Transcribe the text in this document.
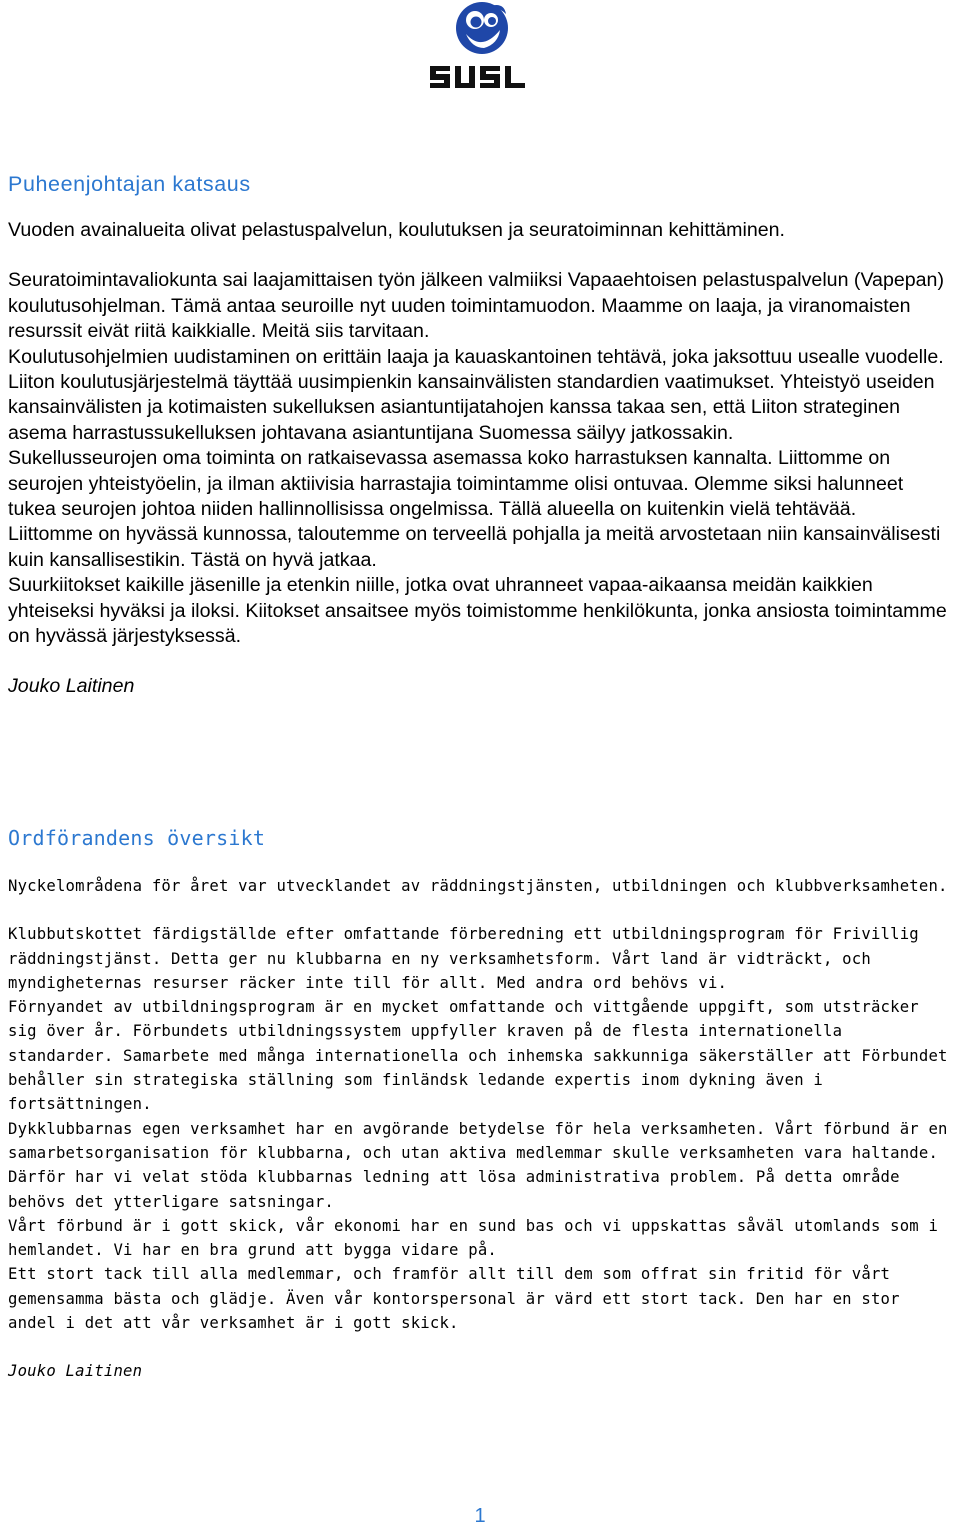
Puheenjohtajan katsaus

Vuoden avainalueita olivat pelastuspalvelun, koulutuksen ja seuratoiminnan kehittäminen.

Seuratoimintavaliokunta sai laajamittaisen työn jälkeen valmiiksi Vapaaehtoisen pelastuspalvelun (Vapepan) koulutusohjelman. Tämä antaa seuroille nyt uuden toimintamuodon. Maamme on laaja, ja viranomaisten resurssit eivät riitä kaikkialle. Meitä siis tarvitaan.

Koulutusohjelmien uudistaminen on erittäin laaja ja kauaskantoinen tehtävä, joka jaksottuu usealle vuodelle. Liiton koulutusjärjestelmä täyttää uusimpienkin kansainvälisten standardien vaatimukset. Yhteistyö useiden kansainvälisten ja kotimaisten sukelluksen asiantuntijatahojen kanssa takaa sen, että Liiton strateginen asema harrastussukelluksen johtavana asiantuntijana Suomessa säilyy jatkossakin.

Sukellusseurojen oma toiminta on ratkaisevassa asemassa koko harrastuksen kannalta. Liittomme on seurojen yhteistyöelin, ja ilman aktiivisia harrastajia toimintamme olisi ontuvaa. Olemme siksi halunneet tukea seurojen johtoa niiden hallinnollisissa ongelmissa. Tällä alueella on kuitenkin vielä tehtävää.

Liittomme on hyvässä kunnossa, taloutemme on terveellä pohjalla ja meitä arvostetaan niin kansainvälisesti kuin kansallisestikin. Tästä on hyvä jatkaa.

Suurkiitokset kaikille jäsenille ja etenkin niille, jotka ovat uhranneet vapaa-aikaansa meidän kaikkien yhteiseksi hyväksi ja iloksi. Kiitokset ansaitsee myös toimistomme henkilökunta, jonka ansiosta toimintamme on hyvässä järjestyksessä.

Jouko Laitinen

Ordförandens översikt

Nyckelområdena för året var utvecklandet av räddningstjänsten, utbildningen och klubbverksamheten.

Klubbutskottet färdigställde efter omfattande förberedning ett utbildningsprogram för Frivillig räddningstjänst. Detta ger nu klubbarna en ny verksamhetsform. Vårt land är vidträckt, och myndigheternas resurser räcker inte till för allt. Med andra ord behövs vi.

Förnyandet av utbildningsprogram är en mycket omfattande och vittgående uppgift, som utsträcker sig över år. Förbundets utbildningssystem uppfyller kraven på de flesta internationella standarder. Samarbete med många internationella och inhemska sakkunniga säkerställer att Förbundet behåller sin strategiska ställning som finländsk ledande expertis inom dykning även i fortsättningen.

Dykklubbarnas egen verksamhet har en avgörande betydelse för hela verksamheten. Vårt förbund är en samarbetsorganisation för klubbarna, och utan aktiva medlemmar skulle verksamheten vara haltande. Därför har vi velat stöda klubbarnas ledning att lösa administrativa problem. På detta område behövs det ytterligare satsningar.

Vårt förbund är i gott skick, vår ekonomi har en sund bas och vi uppskattas såväl utomlands som i hemlandet. Vi har en bra grund att bygga vidare på.

Ett stort tack till alla medlemmar, och framför allt till dem som offrat sin fritid för vårt gemensamma bästa och glädje. Även vår kontorspersonal är värd ett stort tack. Den har en stor andel i det att vår verksamhet är i gott skick.

Jouko Laitinen

1
